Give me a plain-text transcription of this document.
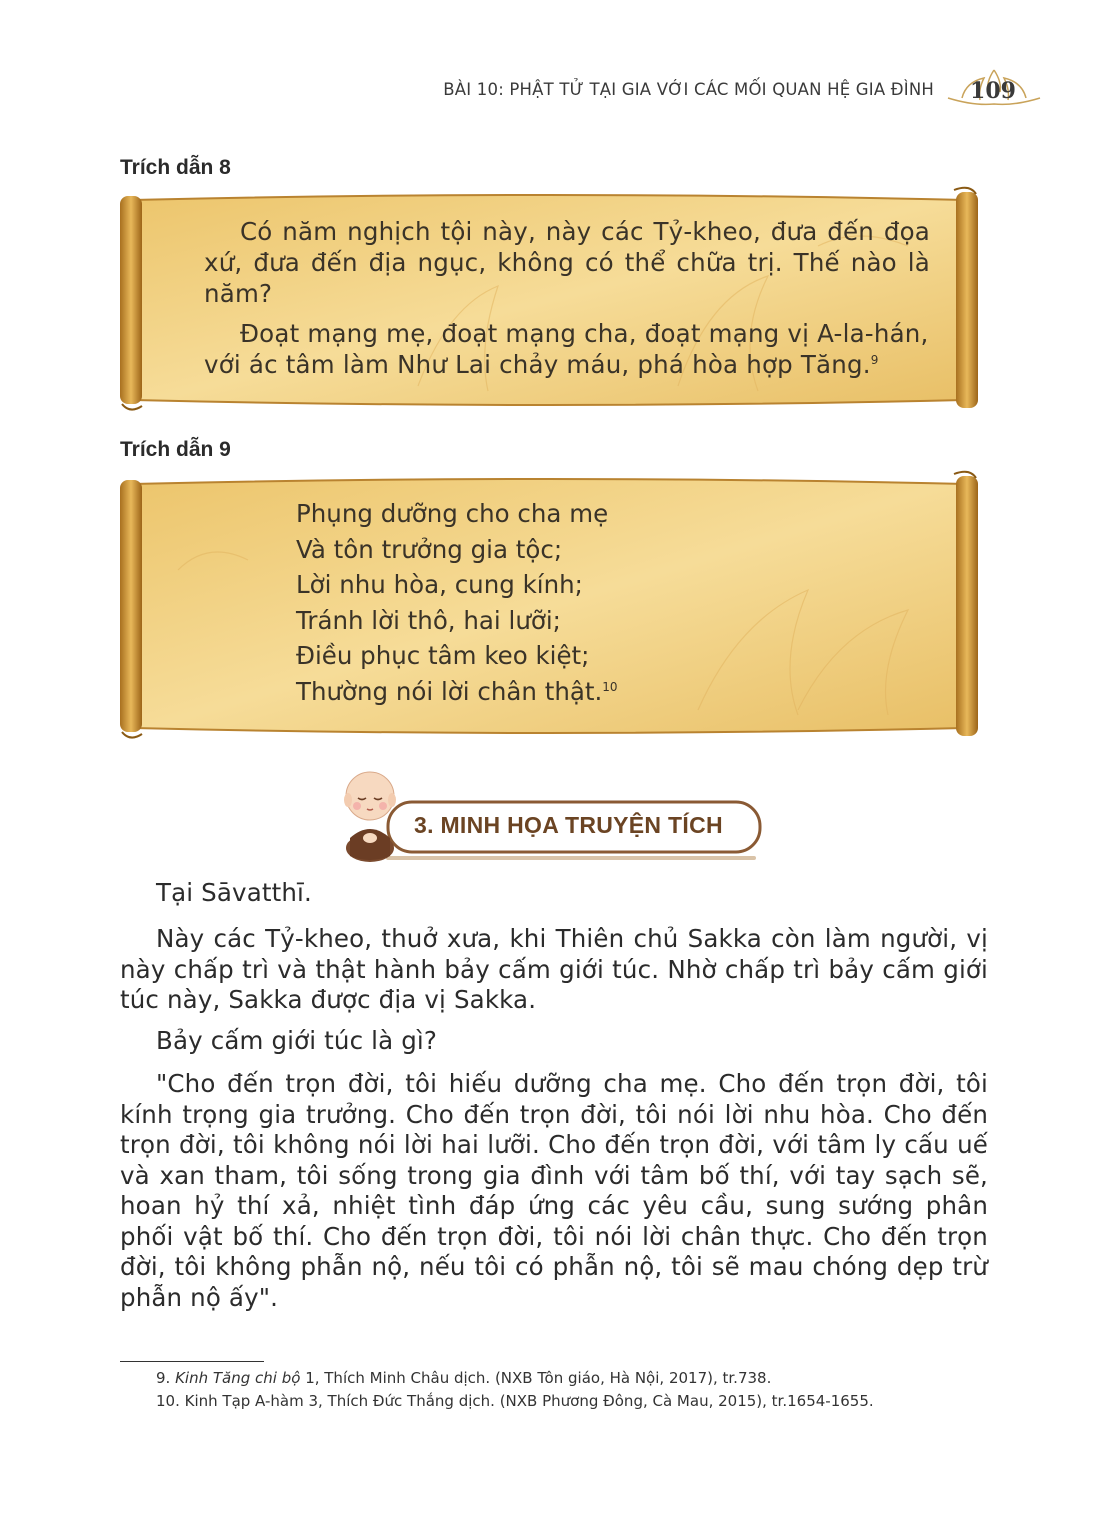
BÀI 10: PHẬT TỬ TẠI GIA VỚI CÁC MỐI QUAN HỆ GIA ĐÌNH	109
Trích dẫn 8

Có năm nghịch tội này, này các Tỷ-kheo, đưa đến đọa xứ, đưa đến địa ngục, không có thể chữa trị. Thế nào là năm?

Đoạt mạng mẹ, đoạt mạng cha, đoạt mạng vị A-la-hán, với ác tâm làm Như Lai chảy máu, phá hòa hợp Tăng.$^9$

Trích dẫn 9
Phụng dưỡng cho cha mẹ
Và tôn trưởng gia tộc;
Lời nhu hòa, cung kính;
Tránh lời thô, hai lưỡi;
Điều phục tâm keo kiệt;
Thường nói lời chân thật.$^{10}$
3. MINH HỌA TRUYỆN TÍCH

Tại Sāvatthī.

Này các Tỷ-kheo, thuở xưa, khi Thiên chủ Sakka còn làm người, vị này chấp trì và thật hành bảy cấm giới túc. Nhờ chấp trì bảy cấm giới túc này, Sakka được địa vị Sakka.

Bảy cấm giới túc là gì?

"Cho đến trọn đời, tôi hiếu dưỡng cha mẹ. Cho đến trọn đời, tôi kính trọng gia trưởng. Cho đến trọn đời, tôi nói lời nhu hòa. Cho đến trọn đời, tôi không nói lời hai lưỡi. Cho đến trọn đời, với tâm ly cấu uế và xan tham, tôi sống trong gia đình với tâm bố thí, với tay sạch sẽ, hoan hỷ thí xả, nhiệt tình đáp ứng các yêu cầu, sung sướng phân phối vật bố thí. Cho đến trọn đời, tôi nói lời chân thực. Cho đến trọn đời, tôi không phẫn nộ, nếu tôi có phẫn nộ, tôi sẽ mau chóng dẹp trừ phẫn nộ ấy".

9. Kinh Tăng chi bộ 1, Thích Minh Châu dịch. (NXB Tôn giáo, Hà Nội, 2017), tr.738.
10. Kinh Tạp A-hàm 3, Thích Đức Thắng dịch. (NXB Phương Đông, Cà Mau, 2015), tr.1654-1655.
